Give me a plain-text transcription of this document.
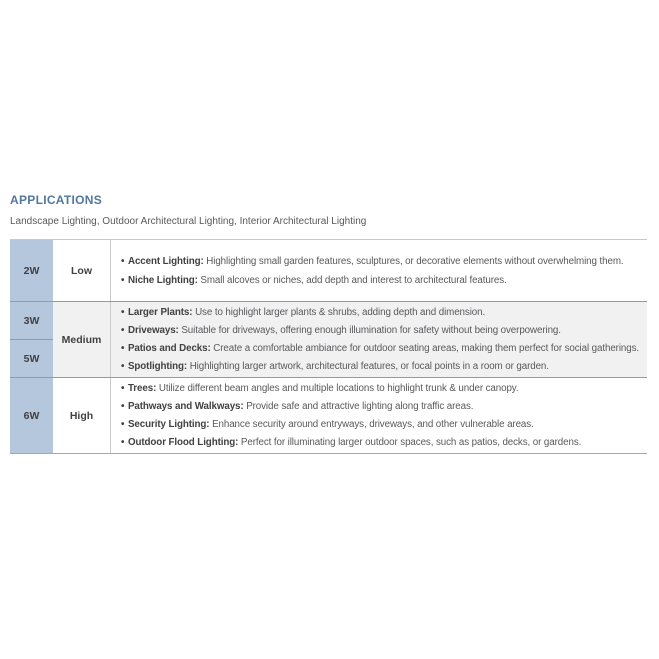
APPLICATIONS

Landscape Lighting, Outdoor Architectural Lighting, Interior Architectural Lighting

2W	Low
• Accent Lighting: Highlighting small garden features, sculptures, or decorative elements without overwhelming them.
• Niche Lighting: Small alcoves or niches, add depth and interest to architectural features.
3W
5W
Medium
• Larger Plants: Use to highlight larger plants & shrubs, adding depth and dimension.
• Driveways: Suitable for driveways, offering enough illumination for safety without being overpowering.
• Patios and Decks: Create a comfortable ambiance for outdoor seating areas, making them perfect for social gatherings.
• Spotlighting: Highlighting larger artwork, architectural features, or focal points in a room or garden.
6W	High
• Trees: Utilize different beam angles and multiple locations to highlight trunk & under canopy.
• Pathways and Walkways: Provide safe and attractive lighting along traffic areas.
• Security Lighting: Enhance security around entryways, driveways, and other vulnerable areas.
• Outdoor Flood Lighting: Perfect for illuminating larger outdoor spaces, such as patios, decks, or gardens.
